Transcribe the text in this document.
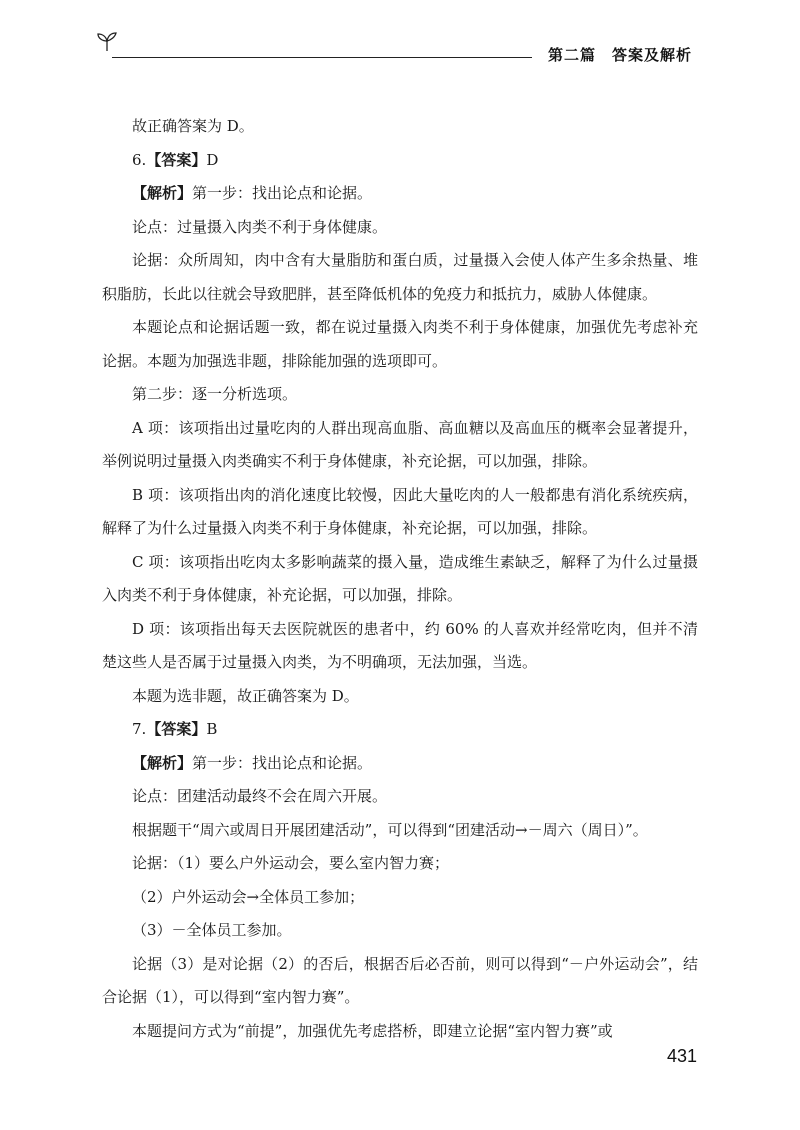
第二篇　答案及解析

故正确答案为 D。

6.【答案】D

【解析】第一步：找出论点和论据。

论点：过量摄入肉类不利于身体健康。

论据：众所周知，肉中含有大量脂肪和蛋白质，过量摄入会使人体产生多余热量、堆积脂肪，长此以往就会导致肥胖，甚至降低机体的免疫力和抵抗力，威胁人体健康。

本题论点和论据话题一致，都在说过量摄入肉类不利于身体健康，加强优先考虑补充论据。本题为加强选非题，排除能加强的选项即可。

第二步：逐一分析选项。

A 项：该项指出过量吃肉的人群出现高血脂、高血糖以及高血压的概率会显著提升，举例说明过量摄入肉类确实不利于身体健康，补充论据，可以加强，排除。

B 项：该项指出肉的消化速度比较慢，因此大量吃肉的人一般都患有消化系统疾病，解释了为什么过量摄入肉类不利于身体健康，补充论据，可以加强，排除。

C 项：该项指出吃肉太多影响蔬菜的摄入量，造成维生素缺乏，解释了为什么过量摄入肉类不利于身体健康，补充论据，可以加强，排除。

D 项：该项指出每天去医院就医的患者中，约 60% 的人喜欢并经常吃肉，但并不清楚这些人是否属于过量摄入肉类，为不明确项，无法加强，当选。

本题为选非题，故正确答案为 D。

7.【答案】B

【解析】第一步：找出论点和论据。

论点：团建活动最终不会在周六开展。

根据题干“周六或周日开展团建活动”，可以得到“团建活动→－周六（周日）”。

论据：（1）要么户外运动会，要么室内智力赛；

（2）户外运动会→全体员工参加；

（3）－全体员工参加。

论据（3）是对论据（2）的否后，根据否后必否前，则可以得到“－户外运动会”，结合论据（1），可以得到“室内智力赛”。

本题提问方式为“前提”，加强优先考虑搭桥，即建立论据“室内智力赛”或

431
